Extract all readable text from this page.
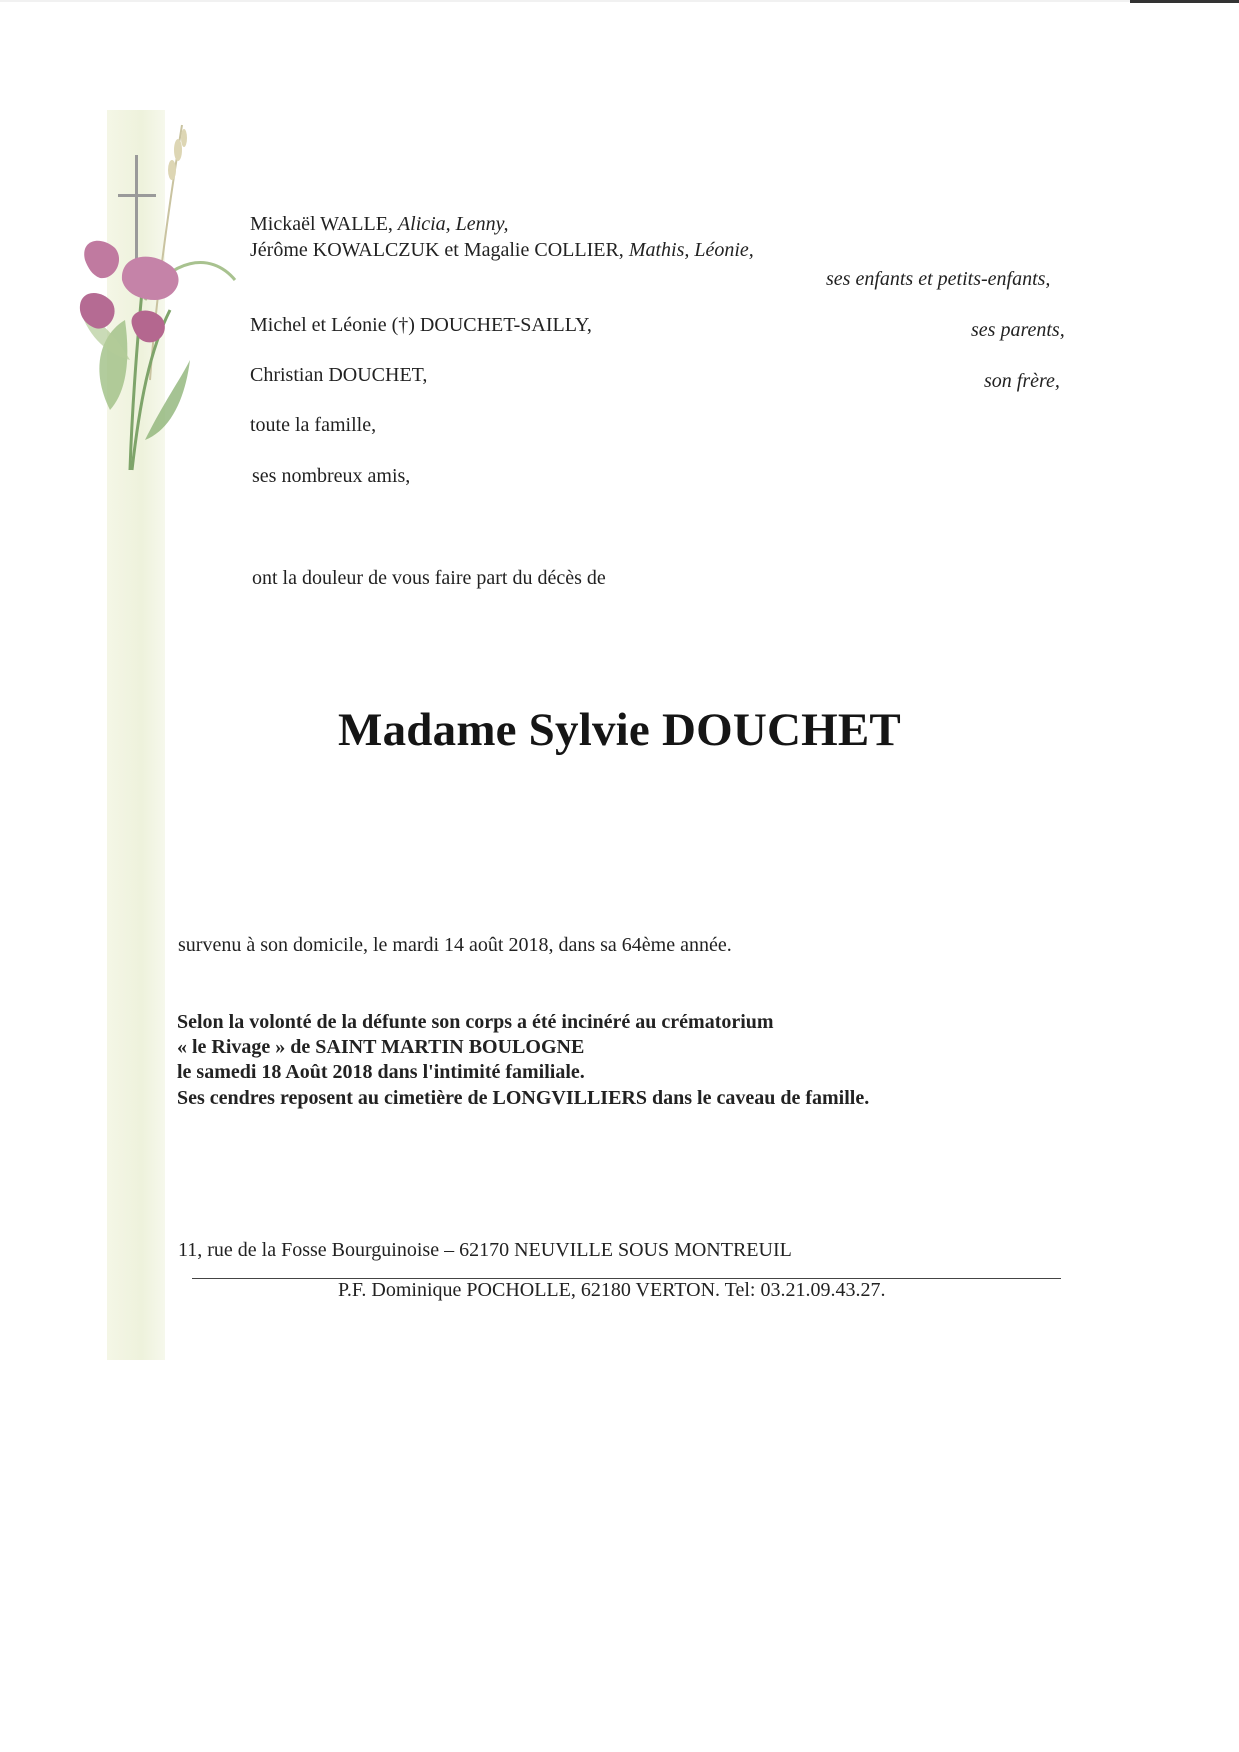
Mickaël WALLE, Alicia, Lenny,
Jérôme KOWALCZUK et Magalie COLLIER, Mathis, Léonie,
ses enfants et petits-enfants,
Michel et Léonie (†) DOUCHET-SAILLY,	ses parents,
Christian DOUCHET,	son frère,
toute la famille,
ses nombreux amis,
ont la douleur de vous faire part du décès de
Madame Sylvie DOUCHET
survenu à son domicile, le mardi 14 août 2018, dans sa 64ème année.
Selon la volonté de la défunte son corps a été incinéré au crématorium
« le Rivage » de SAINT MARTIN BOULOGNE
le samedi 18 Août 2018 dans l'intimité familiale.
Ses cendres reposent au cimetière de LONGVILLIERS dans le caveau de famille.
11, rue de la Fosse Bourguinoise – 62170 NEUVILLE SOUS MONTREUIL
P.F. Dominique POCHOLLE, 62180 VERTON. Tel: 03.21.09.43.27.
